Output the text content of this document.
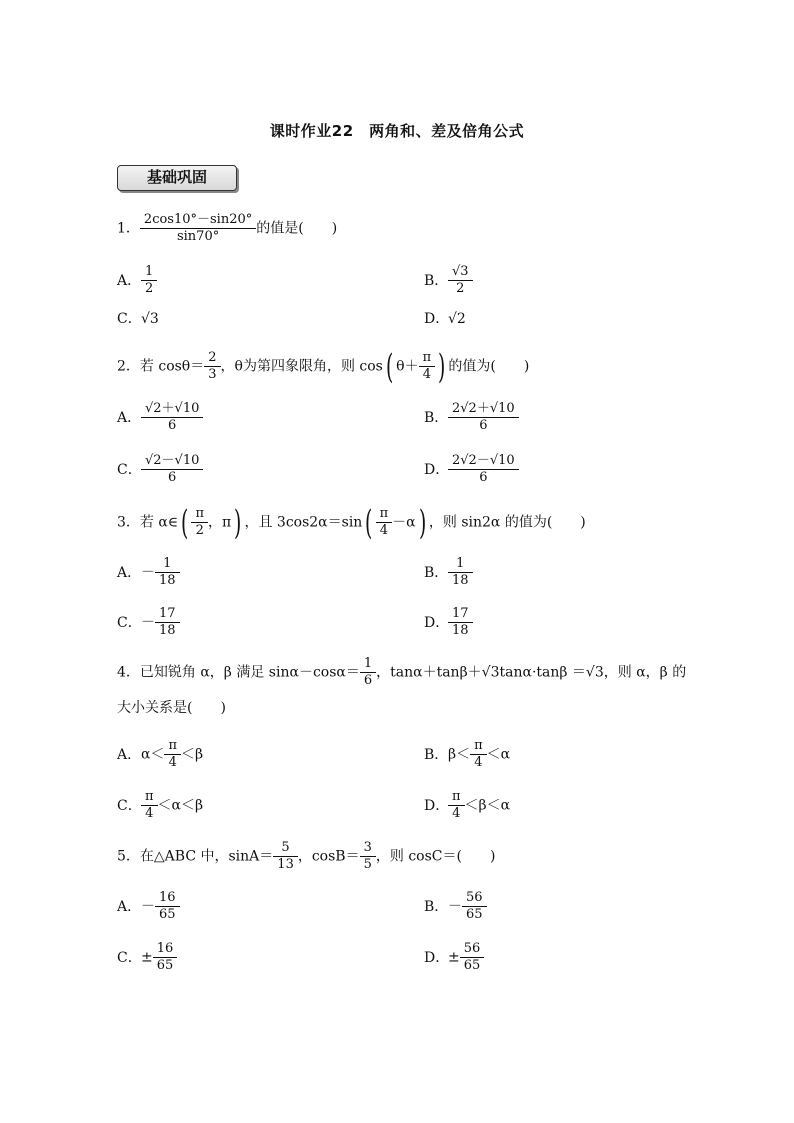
课时作业22　两角和、差及倍角公式
基础巩固
1． $\frac{2\cos 10^\circ-\sin 20^\circ}{\sin 70^\circ}$ 的值是(　　)
A． $\frac{1}{2}$	B． $\frac{√3}{2}$
C．√3	D．√2
2．若 $\cos\theta= \frac{2}{3}$ ，θ为第四象限角，则 cos( $\theta+ \frac{\pi}{4}$ ) 的值为(　　)
A． $\frac{√2+√10}{6}$	B． $\frac{2√2+√10}{6}$
C． $\frac{√2-√10}{6}$	D． $\frac{2√2-√10}{6}$
3．若 α∈( $\frac{\pi}{2}$ ，π) ，且 $3\cos 2\alpha=\sin( \frac{\pi}{4} -\alpha)$ ，则 sin2α 的值为(　　)
A．－ $\frac{1}{18}$	B． $\frac{1}{18}$
C．－ $\frac{17}{18}$	D． $\frac{17}{18}$
4．已知锐角 α，β 满足 $\sin\alpha-\cos\alpha= \frac{1}{6}$ ，tanα＋tanβ＋√3tanα·tanβ ＝√3，则 α，β 的
大小关系是(　　)
A．$\alpha< \frac{\pi}{4} <\beta$	B．$\beta< \frac{\pi}{4} <\alpha$
C． $\frac{\pi}{4} <\alpha<\beta$	D． $\frac{\pi}{4} <\beta<\alpha$
5．在△ABC 中，$\sin A= \frac{5}{13}$ ，$\cos B= \frac{3}{5}$ ，则 cosC＝(　　)
A．－ $\frac{16}{65}$	B．－ $\frac{56}{65}$
C．± $\frac{16}{65}$	D．± $\frac{56}{65}$
